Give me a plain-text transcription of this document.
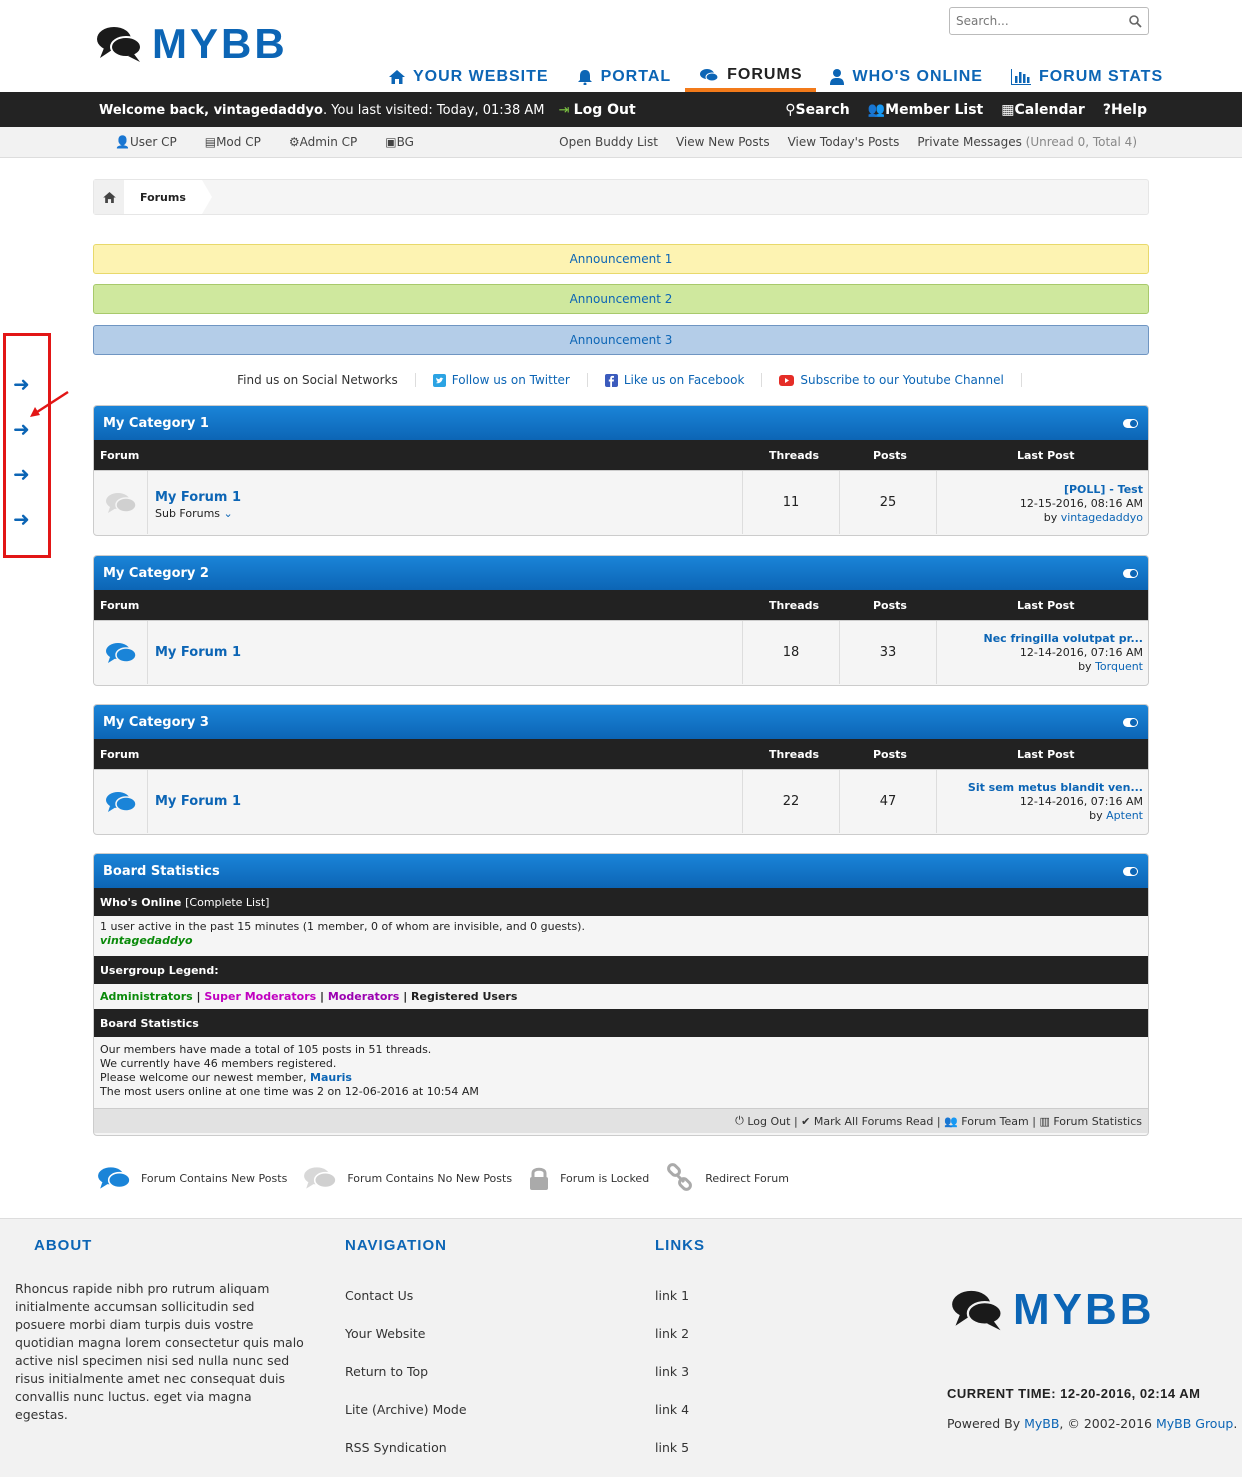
MYBB	Search...
YOUR WEBSITE	PORTAL	FORUMS	WHO'S ONLINE	FORUM STATS
Welcome back, vintagedaddyo. You last visited: Today, 01:38 AM ⇥ Log Out	⚲Search 👥Member List ▦Calendar ?Help
👤User CP ▤Mod CP ⚙Admin CP ▣BG	Open Buddy List View New Posts View Today's Posts Private Messages (Unread 0, Total 4)
Forums
Announcement 1
Announcement 2
Announcement 3
Find us on Social Networks	Follow us on Twitter	Like us on Facebook	Subscribe to our Youtube Channel
My Category 1
Forum	Threads	Posts	Last Post
My Forum 1
Sub Forums ⌄
11	25
[POLL] - Test
12-15-2016, 08:16 AM
by vintagedaddyo
My Category 2
Forum	Threads	Posts	Last Post
My Forum 1	18	33
Nec fringilla volutpat pr...
12-14-2016, 07:16 AM
by Torquent
My Category 3
Forum	Threads	Posts	Last Post
My Forum 1	22	47
Sit sem metus blandit ven...
12-14-2016, 07:16 AM
by Aptent
Board Statistics
Who's Online
[Complete List]
1 user active in the past 15 minutes (1 member, 0 of whom are invisible, and 0 guests).
vintagedaddyo
Usergroup Legend:
Administrators | Super Moderators | Moderators | Registered Users
Board Statistics
Our members have made a total of 105 posts in 51 threads.
We currently have 46 members registered.
Please welcome our newest member, Mauris
The most users online at one time was 2 on 12-06-2016 at 10:54 AM
⏻
Log Out | ✔
Mark All Forums Read | 👥
Forum Team | ▥
Forum Statistics
Forum Contains New Posts	Forum Contains No New Posts	Forum is Locked	Redirect Forum
ABOUT
Rhoncus rapide nibh pro rutrum aliquam initialmente accumsan sollicitudin sed posuere morbi diam turpis duis vostre quotidian magna lorem consectetur quis malo active nisl specimen nisi sed nulla nunc sed risus initialmente amet nec consequat duis convallis nunc luctus. eget via magna egestas.
NAVIGATION
Contact Us
Your Website
Return to Top
Lite (Archive) Mode
RSS Syndication
LINKS
link 1
link 2
link 3
link 4
link 5
MYBB
CURRENT TIME: 12-20-2016, 02:14 AM
Powered By MyBB, © 2002-2016 MyBB Group.
➜
➜
➜
➜
